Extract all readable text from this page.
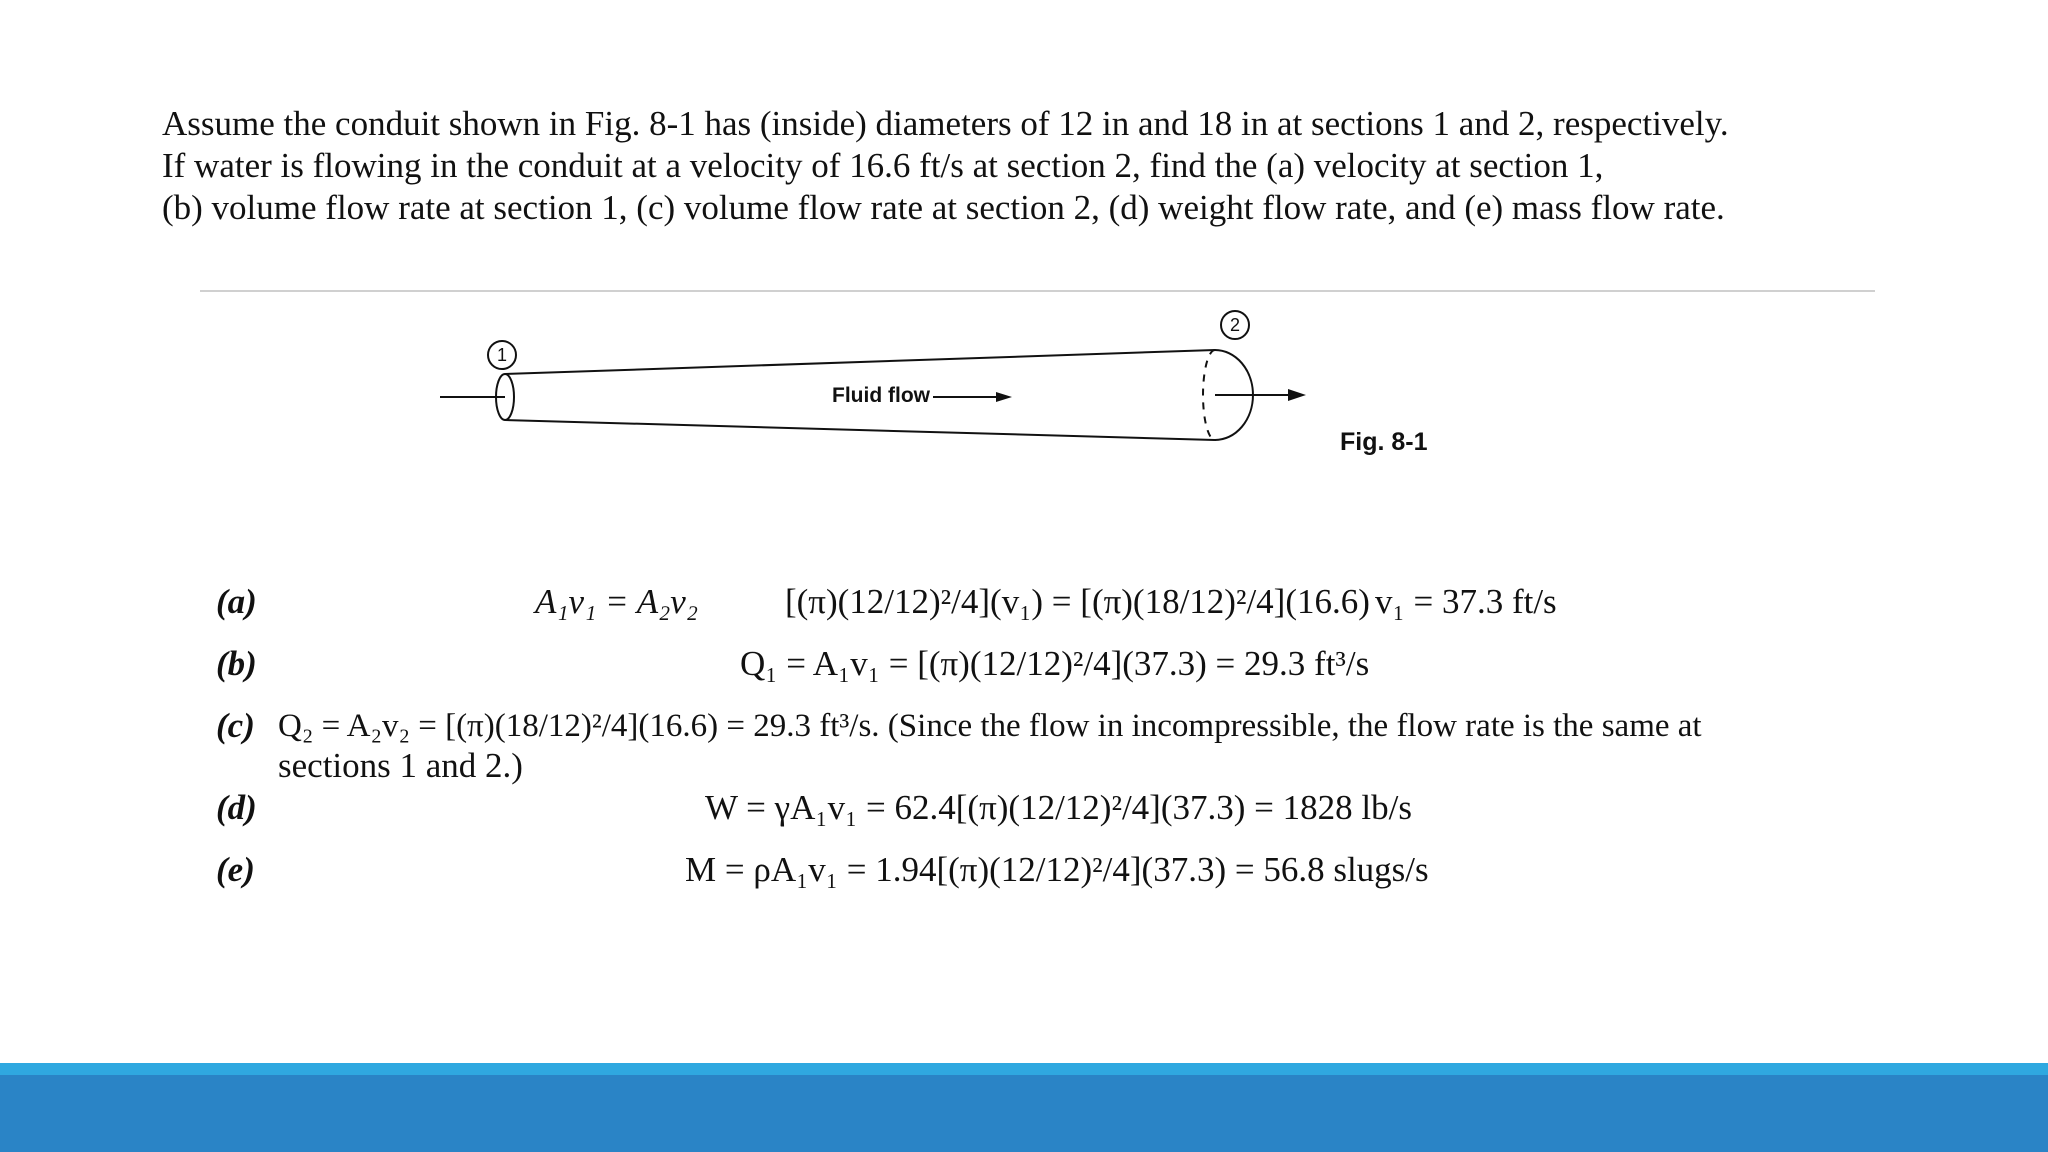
Assume the conduit shown in Fig. 8-1 has (inside) diameters of 12 in and 18 in at sections 1 and 2, respectively.
If water is flowing in the conduit at a velocity of 16.6 ft/s at section 2, find the (a) velocity at section 1,
(b) volume flow rate at section 1, (c) volume flow rate at section 2, (d) weight flow rate, and (e) mass flow rate.
1
2
Fluid flow
Fig. 8-1
(a)	A₁v₁ = A₂v₂ [(π)(12/12)²/4](v₁) = [(π)(18/12)²/4](16.6) v₁ = 37.3 ft/s
(b)	Q₁ = A₁v₁ = [(π)(12/12)²/4](37.3) = 29.3 ft³/s
(c) Q₂ = A₂v₂ = [(π)(18/12)²/4](16.6) = 29.3 ft³/s. (Since the flow in incompressible, the flow rate is the same at
sections 1 and 2.)
(d)	W = γA₁v₁ = 62.4[(π)(12/12)²/4](37.3) = 1828 lb/s
(e)	M = ρA₁v₁ = 1.94[(π)(12/12)²/4](37.3) = 56.8 slugs/s
